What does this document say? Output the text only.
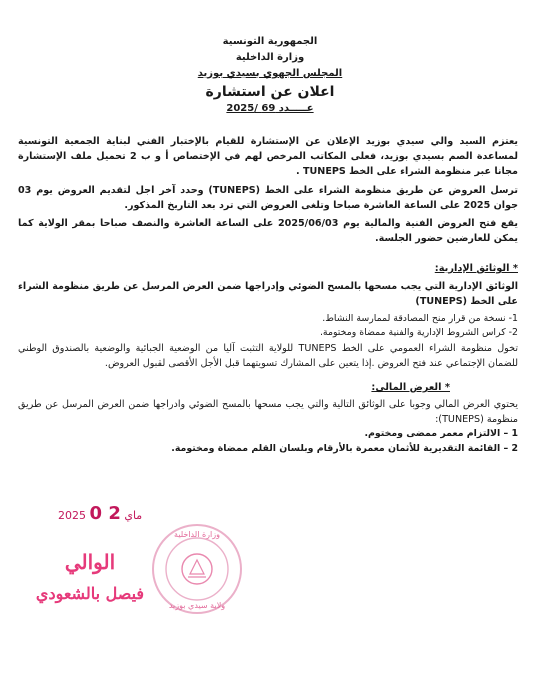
الجمهورية التونسية
وزارة الداخلية
المجلس الجهوي بسيدي بوزيد
اعلان عن استشارة
عـــــدد 69 /2025
يعتزم السيد والي سيدي بوزيد الإعلان عن الإستشارة للقيام بالإختبار الفني لبناية الجمعية التونسية لمساعدة الصم بسيدي بوزيد، فعلى المكاتب المرخص لهم في الإختصاص أ و ب 2 تحميل ملف الإستشارة مجانا عبر منظومة الشراء على الخط TUNEPS .
ترسل العروض عن طريق منظومة الشراء على الخط (TUNEPS) وحدد آخر اجل لتقديم العروض يوم 03 جوان 2025 على الساعة العاشرة صباحا وتلغى العروض التي ترد بعد التاريخ المذكور.
يقع فتح العروض الفنية والمالية يوم 2025/06/03 على الساعة العاشرة والنصف صباحا بمقر الولاية كما يمكن للعارضين حضور الجلسة.
* الوثائق الإدارية:
الوثائق الإدارية التي يجب مسحها بالمسح الضوئي وإدراجها ضمن العرض المرسل عن طريق منظومة الشراء على الخط (TUNEPS)
1- نسخة من قرار منح المصادقة لممارسة النشاط.
2- كراس الشروط الإدارية والفنية ممضاة ومختومة.
تخول منظومة الشراء العمومي على الخط TUNEPS للولاية التثبت آليا من الوضعية الجبائية والوضعية بالصندوق الوطني للضمان الإجتماعي عند فتح العروض .إذا يتعين على المشارك تسويتهما قبل الأجل الأقصى لقبول العروض.
* العرض المالي:
يحتوي العرض المالي وجوبا على الوثائق التالية والتي يجب مسحها بالمسح الضوئي وادراجها ضمن العرض المرسل عن طريق منظومة (TUNEPS):
1 – الالتزام معمر ممضى ومختوم.
2 – القائمة التقديرية للأثمان معمرة بالأرقام وبلسان القلم ممضاة ومختومة.
2025	ماي 2 0
الوالي
فيصل بالشعودي
وزارة الداخلية
ولاية سيدي بوزيد
